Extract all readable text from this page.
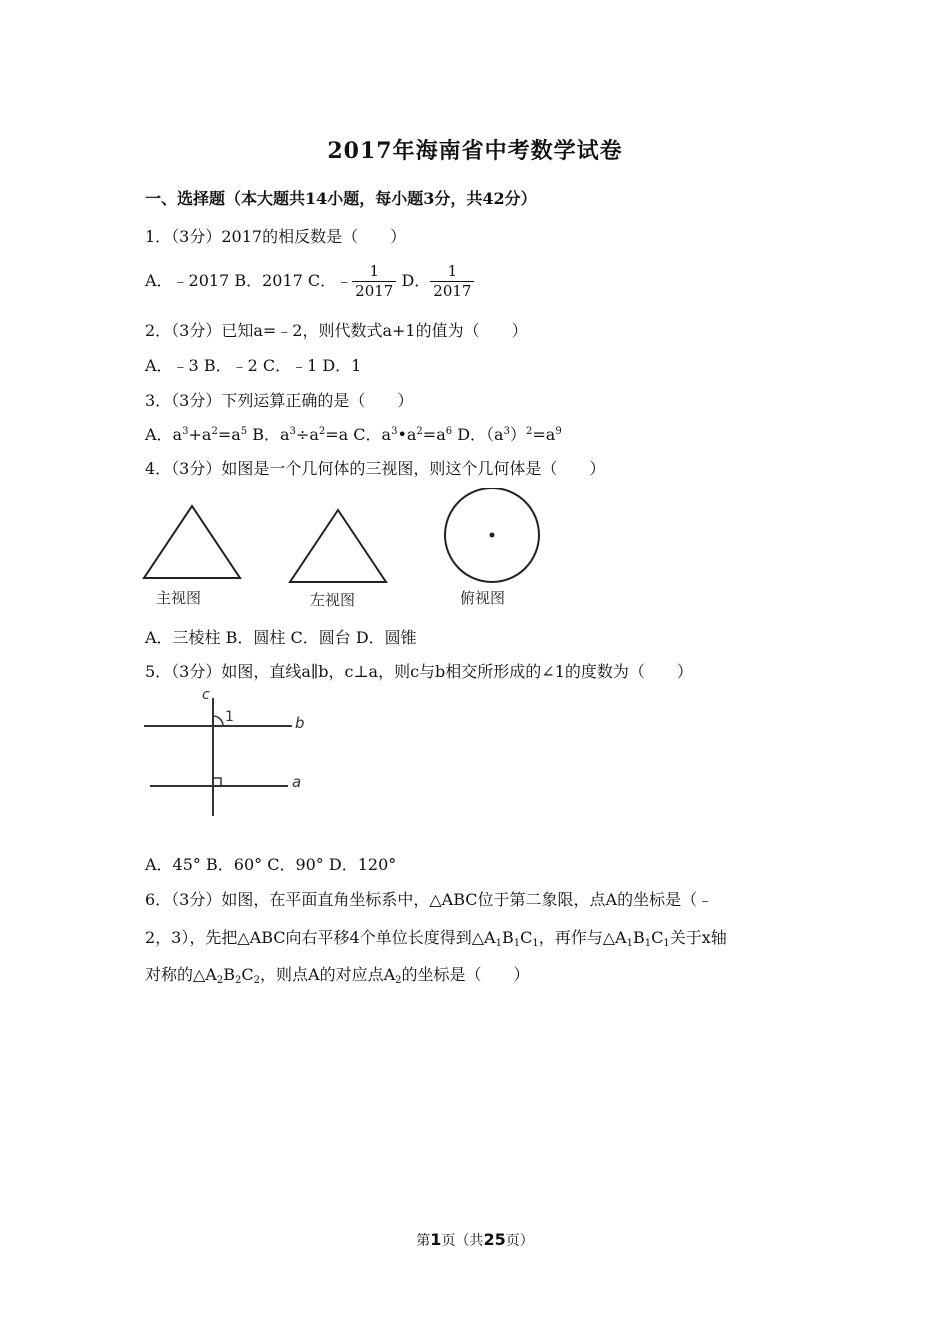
2017年海南省中考数学试卷
一、选择题（本大题共14小题，每小题3分，共42分）
1．（3分）2017的相反数是（　　）
A．﹣2017 B．2017 C．﹣ $\frac{1}{2017}$ D． $\frac{1}{2017}$
2．（3分）已知a=﹣2，则代数式a+1的值为（　　）
A．﹣3 B．﹣2 C．﹣1 D．1
3．（3分）下列运算正确的是（　　）
A．$a^3+a^2=a^5$ B．$a^3\div a^2=a$ C．$a^3•a^2=a^6$ D．$(a^3)^2=a^9$
4．（3分）如图是一个几何体的三视图，则这个几何体是（　　）
主视图	左视图	俯视图
A．三棱柱 B．圆柱 C．圆台 D．圆锥
5．（3分）如图，直线a∥b，c⊥a，则c与b相交所形成的∠1的度数为（　　）
c
1	b
a
A．45° B．60° C．90° D．120°
6．（3分）如图，在平面直角坐标系中，△ABC位于第二象限，点A的坐标是（﹣
2，3），先把△ABC向右平移4个单位长度得到$\triangle A_1B_1C_1$，再作与$\triangle A_1B_1C_1$关于x轴
对称的$\triangle A_2B_2C_2$，则点A的对应点$A_2$的坐标是（　　）
第1页（共25页）
